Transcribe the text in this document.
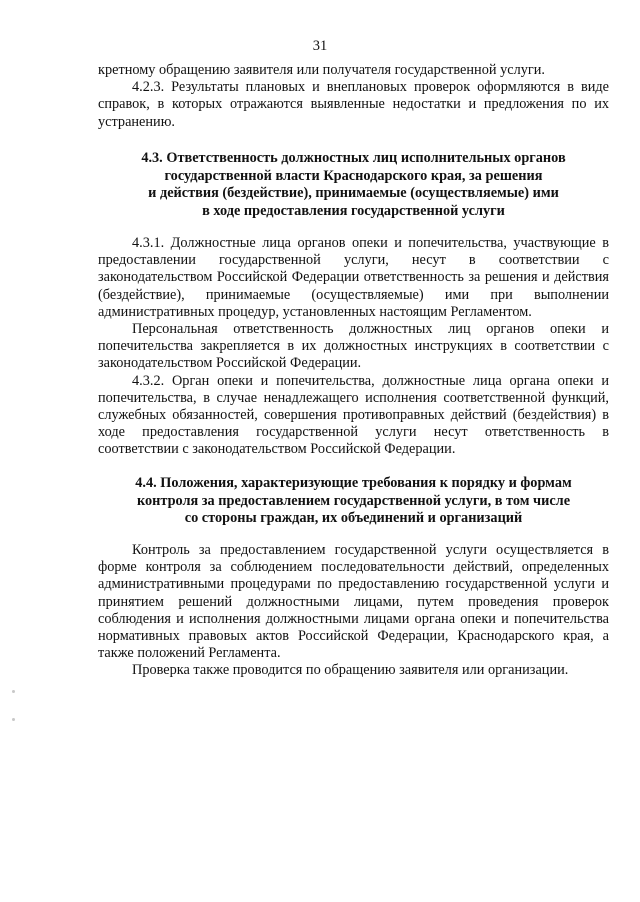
31

кретному обращению заявителя или получателя государственной услуги.

4.2.3. Результаты плановых и внеплановых проверок оформляются в виде справок, в которых отражаются выявленные недостатки и предложения по их устранению.

4.3. Ответственность должностных лиц исполнительных органов
государственной власти Краснодарского края, за решения
и действия (бездействие), принимаемые (осуществляемые) ими
в ходе предоставления государственной услуги

4.3.1. Должностные лица органов опеки и попечительства, участвующие в предоставлении государственной услуги, несут в соответствии с законодательством Российской Федерации ответственность за решения и действия (бездействие), принимаемые (осуществляемые) ими при выполнении административных процедур, установленных настоящим Регламентом.

Персональная ответственность должностных лиц органов опеки и попечительства закрепляется в их должностных инструкциях в соответствии с законодательством Российской Федерации.

4.3.2. Орган опеки и попечительства, должностные лица органа опеки и попечительства, в случае ненадлежащего исполнения соответственной функций, служебных обязанностей, совершения противоправных действий (бездействия) в ходе предоставления государственной услуги несут ответственность в соответствии с законодательством Российской Федерации.

4.4. Положения, характеризующие требования к порядку и формам
контроля за предоставлением государственной услуги, в том числе
со стороны граждан, их объединений и организаций

Контроль за предоставлением государственной услуги осуществляется в форме контроля за соблюдением последовательности действий, определенных административными процедурами по предоставлению государственной услуги и принятием решений должностными лицами, путем проведения проверок соблюдения и исполнения должностными лицами органа опеки и попечительства нормативных правовых актов Российской Федерации, Краснодарского края, а также положений Регламента.

Проверка также проводится по обращению заявителя или организации.
